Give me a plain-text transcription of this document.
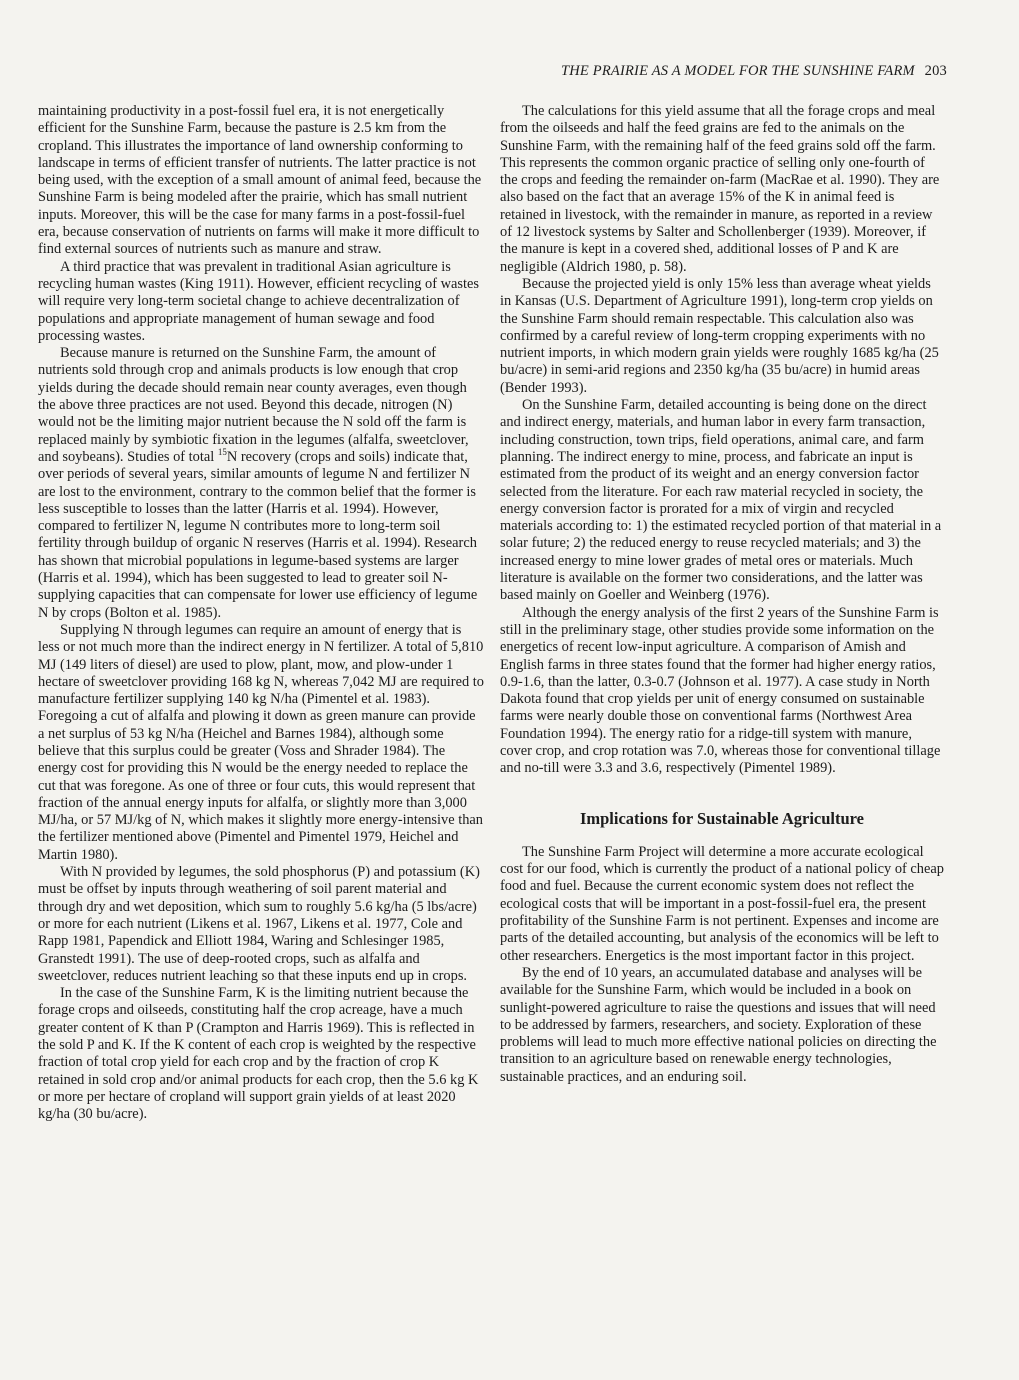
THE PRAIRIE AS A MODEL FOR THE SUNSHINE FARM 203

maintaining productivity in a post-fossil fuel era, it is not energetically efficient for the Sunshine Farm, because the pasture is 2.5 km from the cropland. This illustrates the importance of land ownership conforming to landscape in terms of efficient transfer of nutrients. The latter practice is not being used, with the exception of a small amount of animal feed, because the Sunshine Farm is being modeled after the prairie, which has small nutrient inputs. Moreover, this will be the case for many farms in a post-fossil-fuel era, because conservation of nutrients on farms will make it more difficult to find external sources of nutrients such as manure and straw.

A third practice that was prevalent in traditional Asian agriculture is recycling human wastes (King 1911). However, efficient recycling of wastes will require very long-term societal change to achieve decentralization of populations and appropriate management of human sewage and food processing wastes.

Because manure is returned on the Sunshine Farm, the amount of nutrients sold through crop and animals products is low enough that crop yields during the decade should remain near county averages, even though the above three practices are not used. Beyond this decade, nitrogen (N) would not be the limiting major nutrient because the N sold off the farm is replaced mainly by symbiotic fixation in the legumes (alfalfa, sweetclover, and soybeans). Studies of total $^{15}$N recovery (crops and soils) indicate that, over periods of several years, similar amounts of legume N and fertilizer N are lost to the environment, contrary to the common belief that the former is less susceptible to losses than the latter (Harris et al. 1994). However, compared to fertilizer N, legume N contributes more to long-term soil fertility through buildup of organic N reserves (Harris et al. 1994). Research has shown that microbial populations in legume-based systems are larger (Harris et al. 1994), which has been suggested to lead to greater soil N-supplying capacities that can compensate for lower use efficiency of legume N by crops (Bolton et al. 1985).

Supplying N through legumes can require an amount of energy that is less or not much more than the indirect energy in N fertilizer. A total of 5,810 MJ (149 liters of diesel) are used to plow, plant, mow, and plow-under 1 hectare of sweetclover providing 168 kg N, whereas 7,042 MJ are required to manufacture fertilizer supplying 140 kg N/ha (Pimentel et al. 1983). Foregoing a cut of alfalfa and plowing it down as green manure can provide a net surplus of 53 kg N/ha (Heichel and Barnes 1984), although some believe that this surplus could be greater (Voss and Shrader 1984). The energy cost for providing this N would be the energy needed to replace the cut that was foregone. As one of three or four cuts, this would represent that fraction of the annual energy inputs for alfalfa, or slightly more than 3,000 MJ/ha, or 57 MJ/kg of N, which makes it slightly more energy-intensive than the fertilizer mentioned above (Pimentel and Pimentel 1979, Heichel and Martin 1980).

With N provided by legumes, the sold phosphorus (P) and potassium (K) must be offset by inputs through weathering of soil parent material and through dry and wet deposition, which sum to roughly 5.6 kg/ha (5 lbs/acre) or more for each nutrient (Likens et al. 1967, Likens et al. 1977, Cole and Rapp 1981, Papendick and Elliott 1984, Waring and Schlesinger 1985, Granstedt 1991). The use of deep-rooted crops, such as alfalfa and sweetclover, reduces nutrient leaching so that these inputs end up in crops.

In the case of the Sunshine Farm, K is the limiting nutrient because the forage crops and oilseeds, constituting half the crop acreage, have a much greater content of K than P (Crampton and Harris 1969). This is reflected in the sold P and K. If the K content of each crop is weighted by the respective fraction of total crop yield for each crop and by the fraction of crop K retained in sold crop and/or animal products for each crop, then the 5.6 kg K or more per hectare of cropland will support grain yields of at least 2020 kg/ha (30 bu/acre).

The calculations for this yield assume that all the forage crops and meal from the oilseeds and half the feed grains are fed to the animals on the Sunshine Farm, with the remaining half of the feed grains sold off the farm. This represents the common organic practice of selling only one-fourth of the crops and feeding the remainder on-farm (MacRae et al. 1990). They are also based on the fact that an average 15% of the K in animal feed is retained in livestock, with the remainder in manure, as reported in a review of 12 livestock systems by Salter and Schollenberger (1939). Moreover, if the manure is kept in a covered shed, additional losses of P and K are negligible (Aldrich 1980, p. 58).

Because the projected yield is only 15% less than average wheat yields in Kansas (U.S. Department of Agriculture 1991), long-term crop yields on the Sunshine Farm should remain respectable. This calculation also was confirmed by a careful review of long-term cropping experiments with no nutrient imports, in which modern grain yields were roughly 1685 kg/ha (25 bu/acre) in semi-arid regions and 2350 kg/ha (35 bu/acre) in humid areas (Bender 1993).

On the Sunshine Farm, detailed accounting is being done on the direct and indirect energy, materials, and human labor in every farm transaction, including construction, town trips, field operations, animal care, and farm planning. The indirect energy to mine, process, and fabricate an input is estimated from the product of its weight and an energy conversion factor selected from the literature. For each raw material recycled in society, the energy conversion factor is prorated for a mix of virgin and recycled materials according to: 1) the estimated recycled portion of that material in a solar future; 2) the reduced energy to reuse recycled materials; and 3) the increased energy to mine lower grades of metal ores or materials. Much literature is available on the former two considerations, and the latter was based mainly on Goeller and Weinberg (1976).

Although the energy analysis of the first 2 years of the Sunshine Farm is still in the preliminary stage, other studies provide some information on the energetics of recent low-input agriculture. A comparison of Amish and English farms in three states found that the former had higher energy ratios, 0.9-1.6, than the latter, 0.3-0.7 (Johnson et al. 1977). A case study in North Dakota found that crop yields per unit of energy consumed on sustainable farms were nearly double those on conventional farms (Northwest Area Foundation 1994). The energy ratio for a ridge-till system with manure, cover crop, and crop rotation was 7.0, whereas those for conventional tillage and no-till were 3.3 and 3.6, respectively (Pimentel 1989).

Implications for Sustainable Agriculture

The Sunshine Farm Project will determine a more accurate ecological cost for our food, which is currently the product of a national policy of cheap food and fuel. Because the current economic system does not reflect the ecological costs that will be important in a post-fossil-fuel era, the present profitability of the Sunshine Farm is not pertinent. Expenses and income are parts of the detailed accounting, but analysis of the economics will be left to other researchers. Energetics is the most important factor in this project.

By the end of 10 years, an accumulated database and analyses will be available for the Sunshine Farm, which would be included in a book on sunlight-powered agriculture to raise the questions and issues that will need to be addressed by farmers, researchers, and society. Exploration of these problems will lead to much more effective national policies on directing the transition to an agriculture based on renewable energy technologies, sustainable practices, and an enduring soil.
